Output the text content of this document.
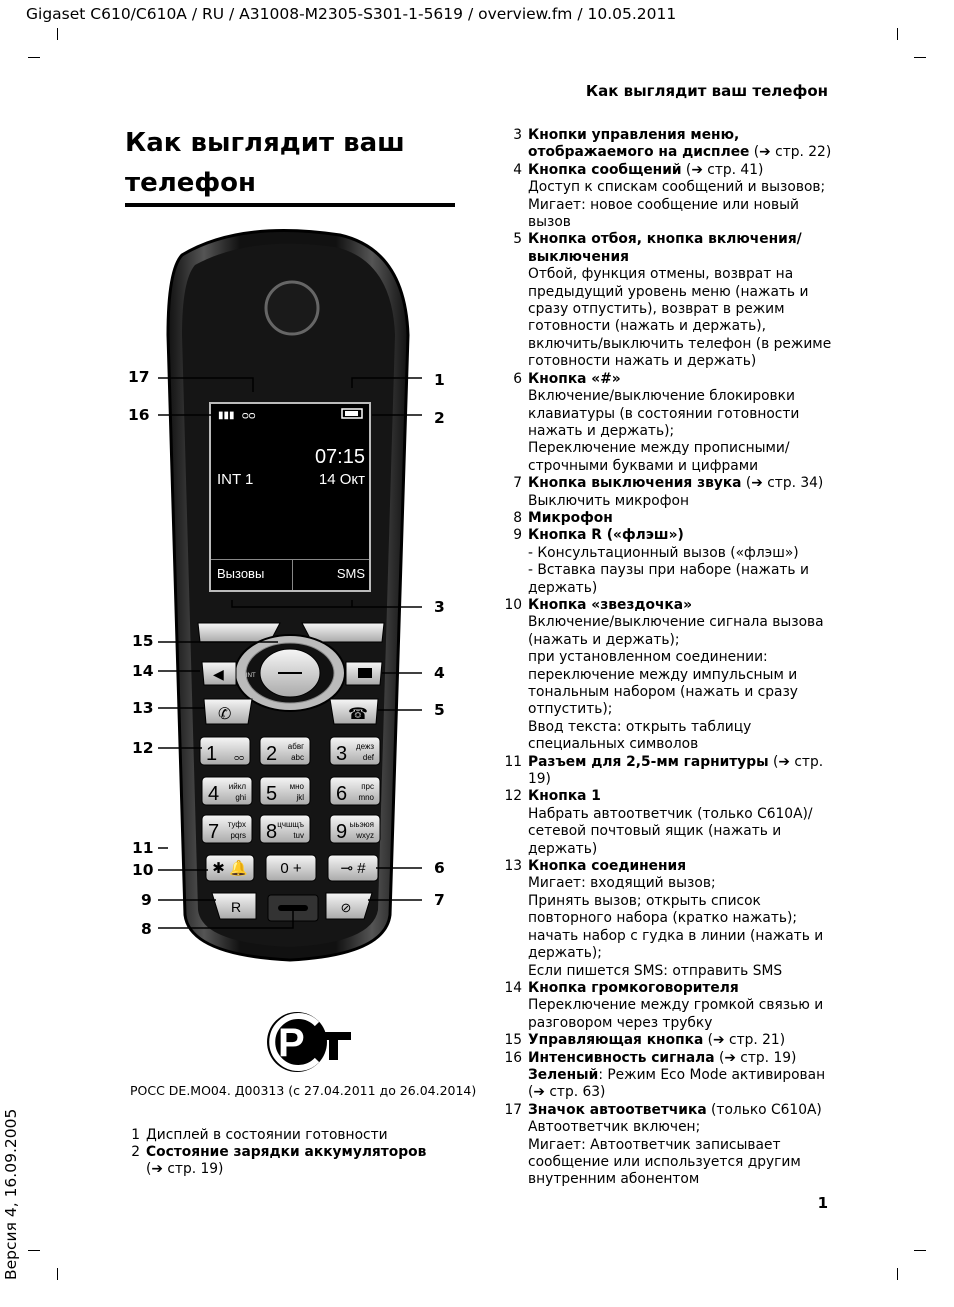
Gigaset C610/C610A / RU / A31008-M2305-S301-1-5619 / overview.fm / 10.05.2011
Как выглядит ваш телефон
Как выглядит ваш
телефон
▮▮▮ ᴑᴑ
07:15
INT 1	14 Окт
Вызовы	SMS
INT
◀
✆	☎
1 ᴑᴑ 2 абвг
abc 3 дежз
def
4 ийкл
ghi 5 мно
jkl 6 прс
mno
7 туфх
pqrs 8 цчшщъ
tuv 9 ыьэюя
wxyz
✱ 🔔 0 +	⊸ #
R	⊘
17
16
15
14
13
12
11
10
9
8
1
2
3
4
5
6
7
Р
РОСС DE.MO04. Д00313 (с 27.04.2011 до 26.04.2014)
1 Дисплей в состоянии готовности
2 Состояние зарядки аккумуляторов
(➔ стр. 19)
3 Кнопки управления меню, отображаемого на дисплее (➔ стр. 22)
4 Кнопка сообщений (➔ стр. 41)
Доступ к спискам сообщений и вызовов;
Мигает: новое сообщение или новый вызов
5 Кнопка отбоя, кнопка включения/ выключения
Отбой, функция отмены, возврат на предыдущий уровень меню (нажать и сразу отпустить), возврат в режим готовности (нажать и держать), включить/выключить телефон (в режиме готовности нажать и держать)
6 Кнопка «#»
Включение/выключение блокировки клавиатуры (в состоянии готовности нажать и держать);
Переключение между прописными/ строчными буквами и цифрами
7 Кнопка выключения звука (➔ стр. 34)
Выключить микрофон
8 Микрофон
9 Кнопка R («флэш»)
- Консультационный вызов («флэш»)
- Вставка паузы при наборе (нажать и держать)
10 Кнопка «звездочка»
Включение/выключение сигнала вызова (нажать и держать);
при установленном соединении: переключение между импульсным и тональным набором (нажать и сразу отпустить);
Ввод текста: открыть таблицу специальных символов
11 Разъем для 2,5-мм гарнитуры (➔ стр. 19)
12 Кнопка 1
Набрать автоответчик (только C610A)/сетевой почтовый ящик (нажать и держать)
13 Кнопка соединения
Мигает: входящий вызов;
Принять вызов; открыть список повторного набора (кратко нажать); начать набор с гудка в линии (нажать и держать);
Если пишется SMS: отправить SMS
14 Кнопка громкоговорителя
Переключение между громкой связью и разговором через трубку
15 Управляющая кнопка (➔ стр. 21)
16 Интенсивность сигнала (➔ стр. 19)
Зеленый: Режим Eco Mode активирован (➔ стр. 63)
17 Значок автоответчика (только C610A)
Автоответчик включен;
Мигает: Автоответчик записывает сообщение или используется другим внутренним абонентом
1
Версия 4, 16.09.2005
